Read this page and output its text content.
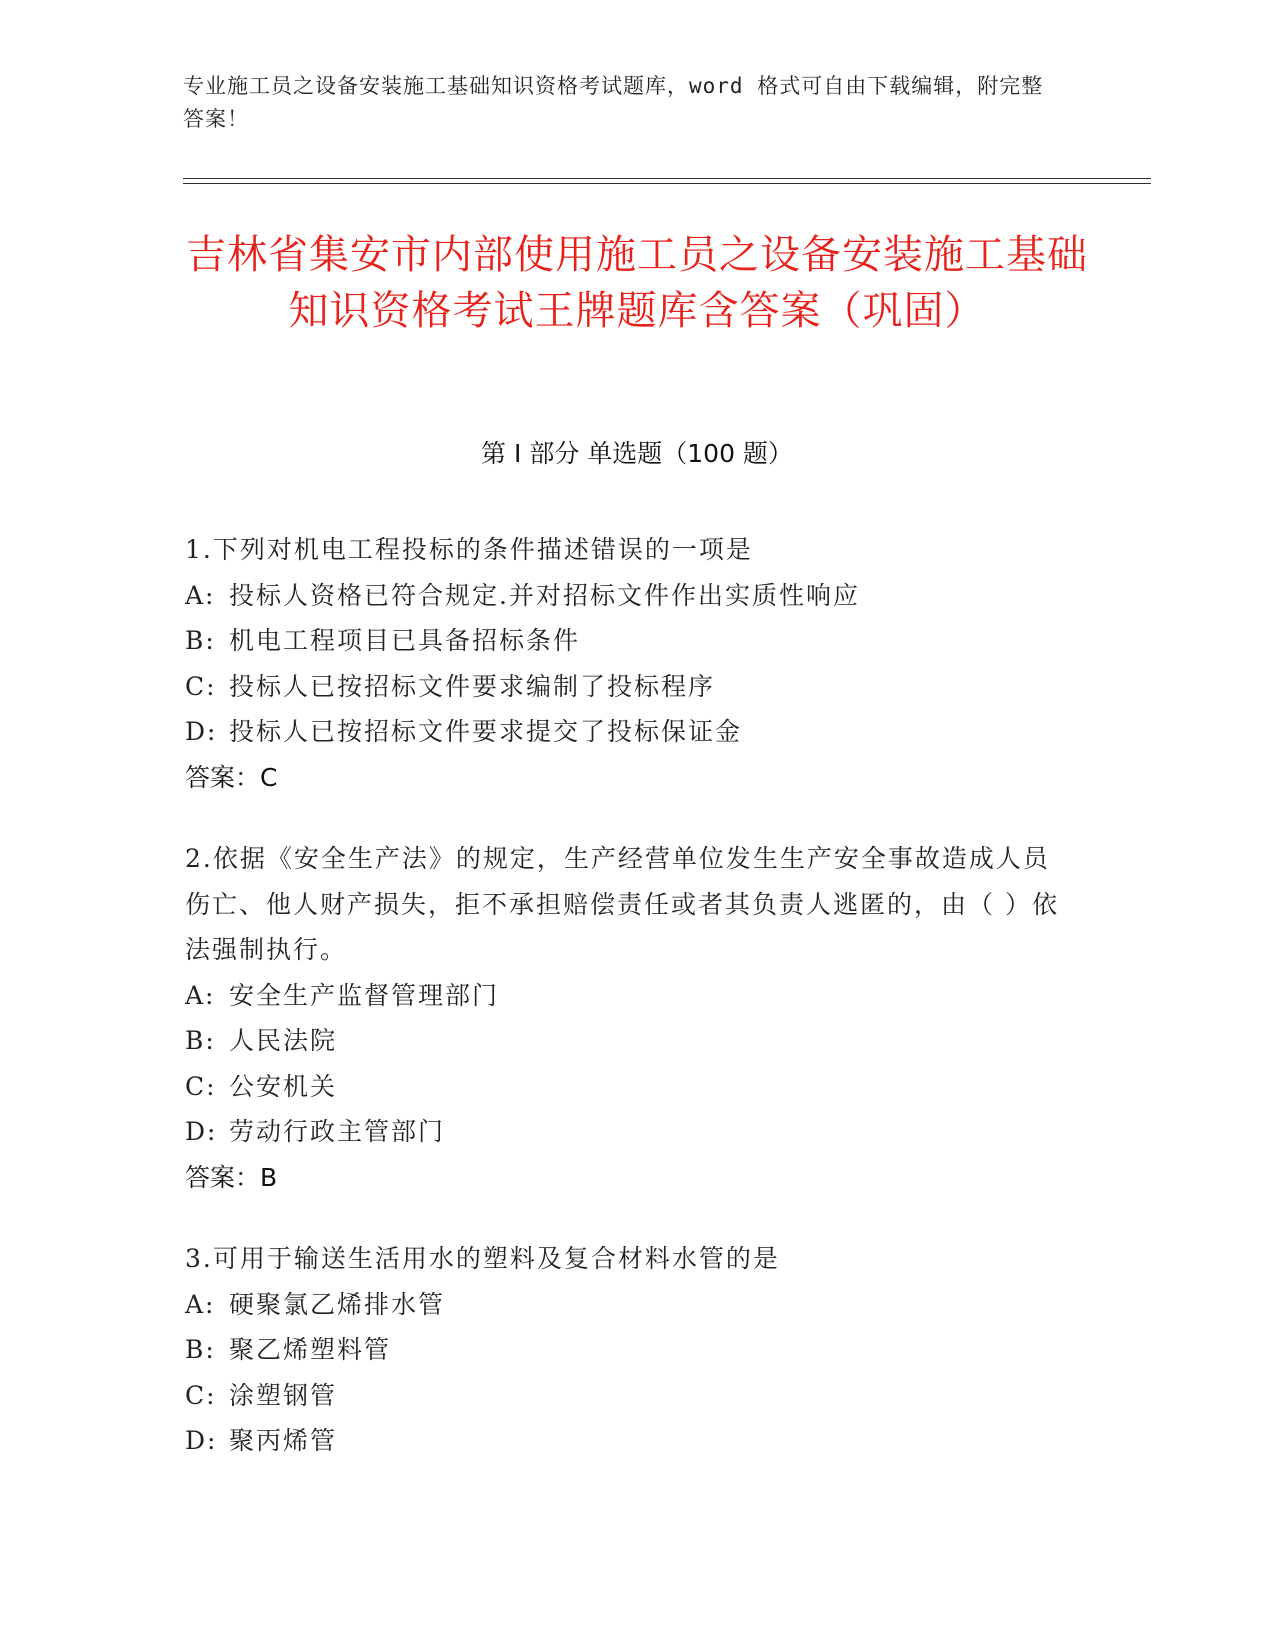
专业施工员之设备安装施工基础知识资格考试题库，word 格式可自由下载编辑，附完整答案！
吉林省集安市内部使用施工员之设备安装施工基础知识资格考试王牌题库含答案（巩固）
第 I 部分 单选题（100 题）

1.下列对机电工程投标的条件描述错误的一项是

A: 投标人资格已符合规定.并对招标文件作出实质性响应

B: 机电工程项目已具备招标条件

C: 投标人已按招标文件要求编制了投标程序

D: 投标人已按招标文件要求提交了投标保证金

答案：C

2.依据《安全生产法》的规定，生产经营单位发生生产安全事故造成人员伤亡、他人财产损失，拒不承担赔偿责任或者其负责人逃匿的，由（ ）依法强制执行。

A: 安全生产监督管理部门

B: 人民法院

C: 公安机关

D: 劳动行政主管部门

答案：B

3.可用于输送生活用水的塑料及复合材料水管的是

A: 硬聚氯乙烯排水管

B: 聚乙烯塑料管

C: 涂塑钢管

D: 聚丙烯管
